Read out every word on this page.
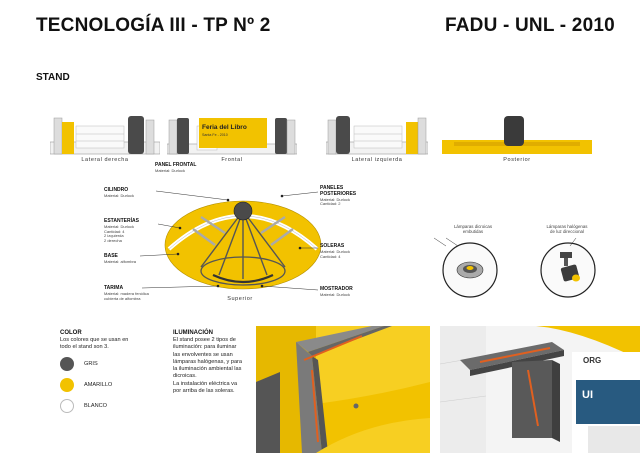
TECNOLOGÍA III - TP Nº 2	FADU - UNL - 2010
STAND
Lateral derecha
Feria del Libro
Santa Fe - 2010
Frontal
PANEL FRONTAL
Material: Durlock
Lateral izquierda	Posterior
Superior
CILINDRO
Material: Durlock
ESTANTERÍAS
Material: Durlock
Cantidad: 4
2 izquierda
2 derecha
BASE
Material: alfombra
TARIMA
Material: madera fenólica
cubierta de alfombra
PANELES
POSTERIORES
Material: Durlock
Cantidad: 2
SOLERAS
Material: Durlock
Cantidad: 4
MOSTRADOR
Material: Durlock
Lámparas dicroicas
embutidas
Lámparas halógenas
de luz direccional
COLOR
Los colores que se usan en
todo el stand son 3.
GRIS
AMARILLO
BLANCO
ILUMINACIÓN
El stand posee 2 tipos de
iluminación: para iluminar
las envolventes se usan
lámparas halógenas, y para
la iluminación ambiental las
dicroicas.
La instalación eléctrica va
por arriba de las soleras.
ORG
UI
